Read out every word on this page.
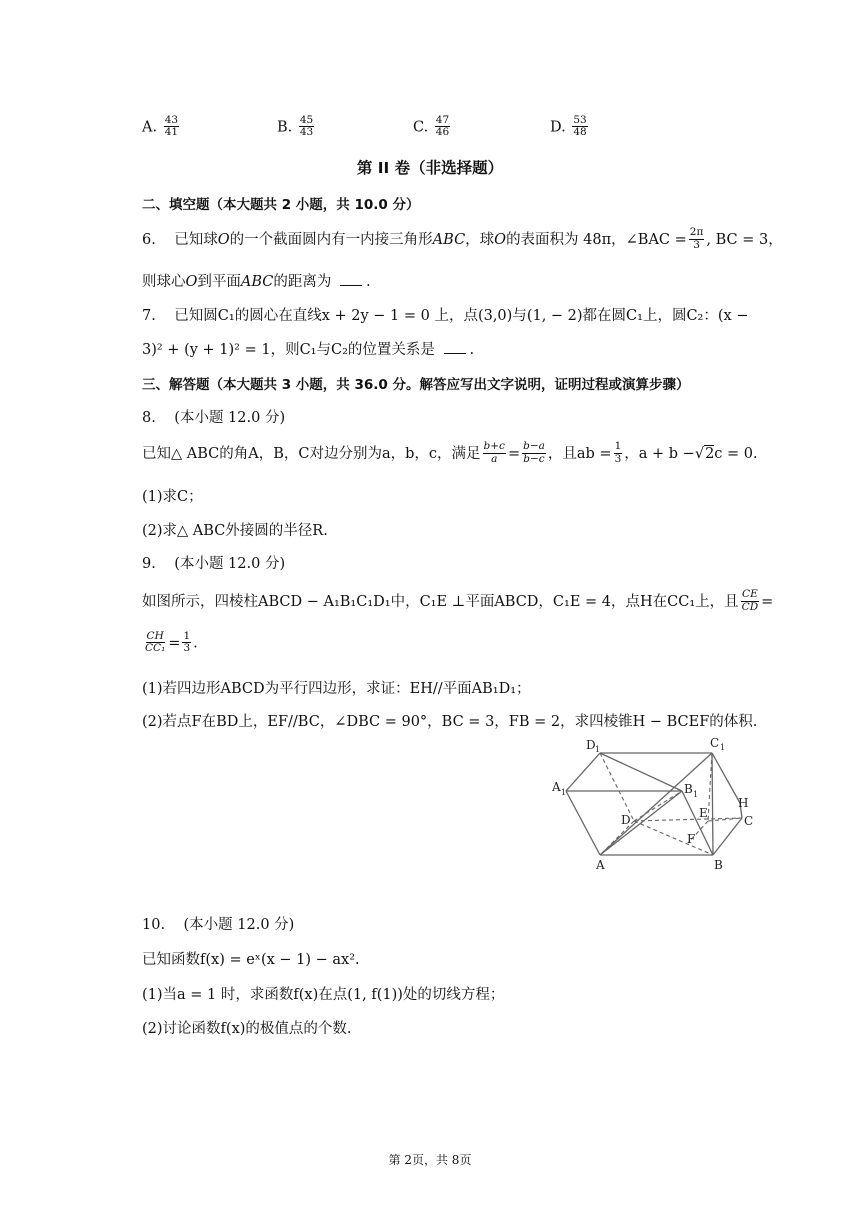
A. $\frac{43}{41}$	B. $\frac{45}{43}$	C. $\frac{47}{46}$	D. $\frac{53}{48}$
第 II 卷（非选择题）
二、填空题（本大题共 2 小题，共 10.0 分）
6. 已知球O的一个截面圆内有一内接三角形ABC，球O的表面积为 48π，∠BAC = $\frac{2\pi}{3}$ , BC = 3，
则球心O到平面ABC的距离为 .
7. 已知圆C₁的圆心在直线x + 2y − 1 = 0 上，点(3,0)与(1, − 2)都在圆C₁上，圆C₂：(x −
3)² + (y + 1)² = 1，则C₁与C₂的位置关系是 .
三、解答题（本大题共 3 小题，共 36.0 分。解答应写出文字说明，证明过程或演算步骤）
8. (本小题 12.0 分)
已知△ ABC的角A，B，C对边分别为a，b，c，满足 $\frac{b+c}{a} = \frac{b-a}{b-c}$ ，且ab = $\frac{1}{3}$ ，a + b −√2c = 0.
(1)求C；
(2)求△ ABC外接圆的半径R.
9. (本小题 12.0 分)
如图所示，四棱柱ABCD − A₁B₁C₁D₁中，C₁E ⊥平面ABCD，C₁E = 4，点H在CC₁上，且 $\frac{CE}{CD}$ =
$\frac{CH}{\text{CC₁}} = \frac{1}{3}$ .
(1)若四边形ABCD为平行四边形，求证：EH//平面AB₁D₁；
(2)若点F在BD上，EF//BC，∠DBC = 90°，BC = 3，FB = 2，求四棱锥H − BCEF的体积.
D 1	C 1
A 1	B 1
D	E
H
C
F
A	B
10. (本小题 12.0 分)
已知函数f(x) = eˣ(x − 1) − ax².
(1)当a = 1 时，求函数f(x)在点(1, f(1))处的切线方程；
(2)讨论函数f(x)的极值点的个数.
第 2页，共 8页
